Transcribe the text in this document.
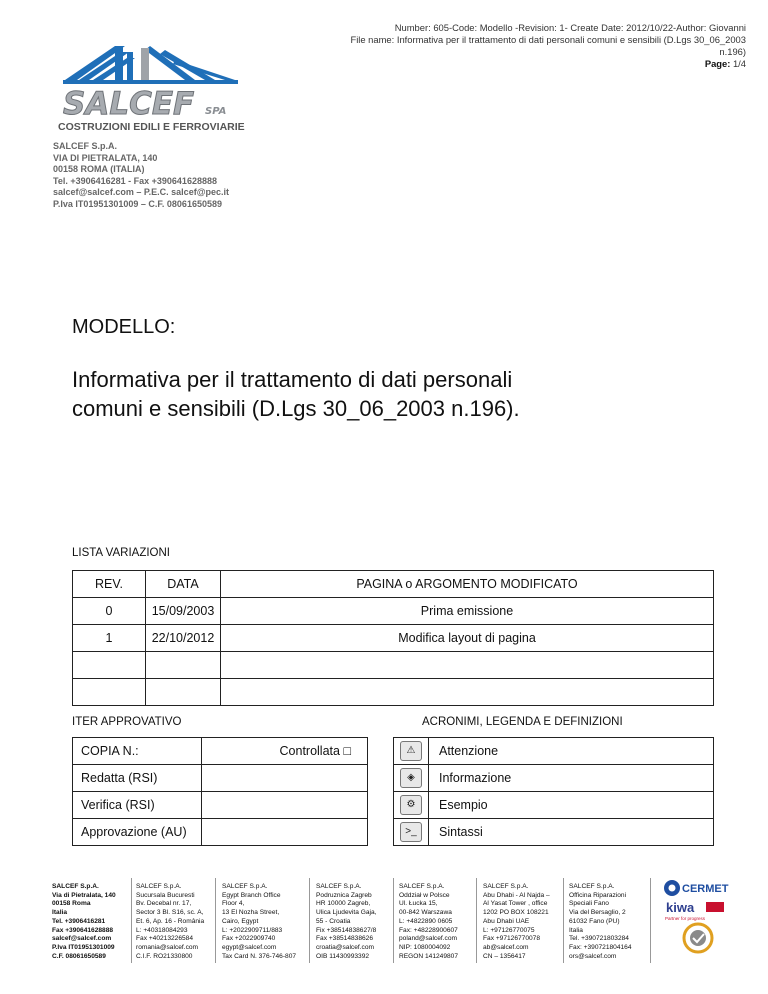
Number: 605-Code: Modello -Revision: 1- Create Date: 2012/10/22-Author: Giovanni
File name: Informativa per il trattamento di dati personali comuni e sensibili (D.Lgs 30_06_2003
n.196)
Page: 1/4
SALCEF SPA
COSTRUZIONI EDILI E FERROVIARIE
SALCEF S.p.A.
VIA DI PIETRALATA, 140
00158 ROMA (ITALIA)
Tel. +3906416281 - Fax +390641628888
salcef@salcef.com – P.E.C. salcef@pec.it
P.Iva IT01951301009 – C.F. 08061650589
MODELLO:
Informativa per il trattamento di dati personali
comuni e sensibili (D.Lgs 30_06_2003 n.196).
LISTA VARIAZIONI
REV.	DATA	PAGINA o ARGOMENTO MODIFICATO
0	15/09/2003	Prima emissione
1	22/10/2012	Modifica layout di pagina

ITER APPROVATIVO
COPIA N.:	Controllata □
Redatta (RSI)	
Verifica (RSI)	
Approvazione (AU)	
ACRONIMI, LEGENDA E DEFINIZIONI
⚠	Attenzione
◈	Informazione
⚙	Esempio
>_	Sintassi
SALCEF S.p.A.
Via di Pietralata, 140
00158 Roma
Italia
Tel. +3906416281
Fax +390641628888
salcef@salcef.com
P.Iva IT01951301009
C.F. 08061650589
SALCEF S.p.A.
Sucursala Bucuresti
Bv. Decebal nr. 17,
Sector 3 Bl. S16, sc. A,
Et. 6, Ap. 16 - România
L: +40318084293
Fax +40213226584
romania@salcef.com
C.I.F. RO21330800
SALCEF S.p.A.
Egypt Branch Office
Floor 4,
13 El Nozha Street,
Cairo, Egypt
L: +2022909711/883
Fax +2022909740
egypt@salcef.com
Tax Card N. 376-746-807
SALCEF S.p.A.
Podruznica Zagreb
HR 10000 Zagreb,
Ulica Ljudevita Gaja,
55 - Croatia
Fix +38514838627/8
Fax +38514838626
croatia@salcef.com
OIB 11430993392
SALCEF S.p.A.
Oddział w Polsce
Ul. Łucka 15,
00-842 Warszawa
L: +4822890 0605
Fax: +48228900607
poland@salcef.com
NIP: 1080004092
REGON 141249807
SALCEF S.p.A.
Abu Dhabi - Al Najda –
Al Yasat Tower , office
1202 PO BOX 108221
Abu Dhabi UAE
L: +97126770075
Fax +97126770078
ab@salcef.com
CN – 1356417
SALCEF S.p.A.
Officina Riparazioni
Speciali Fano
Via del Bersaglio, 2
61032 Fano (PU)
Italia
Tel. +390721803284
Fax: +390721804164
ors@salcef.com
CERMET
kiwa
Partner for progress
